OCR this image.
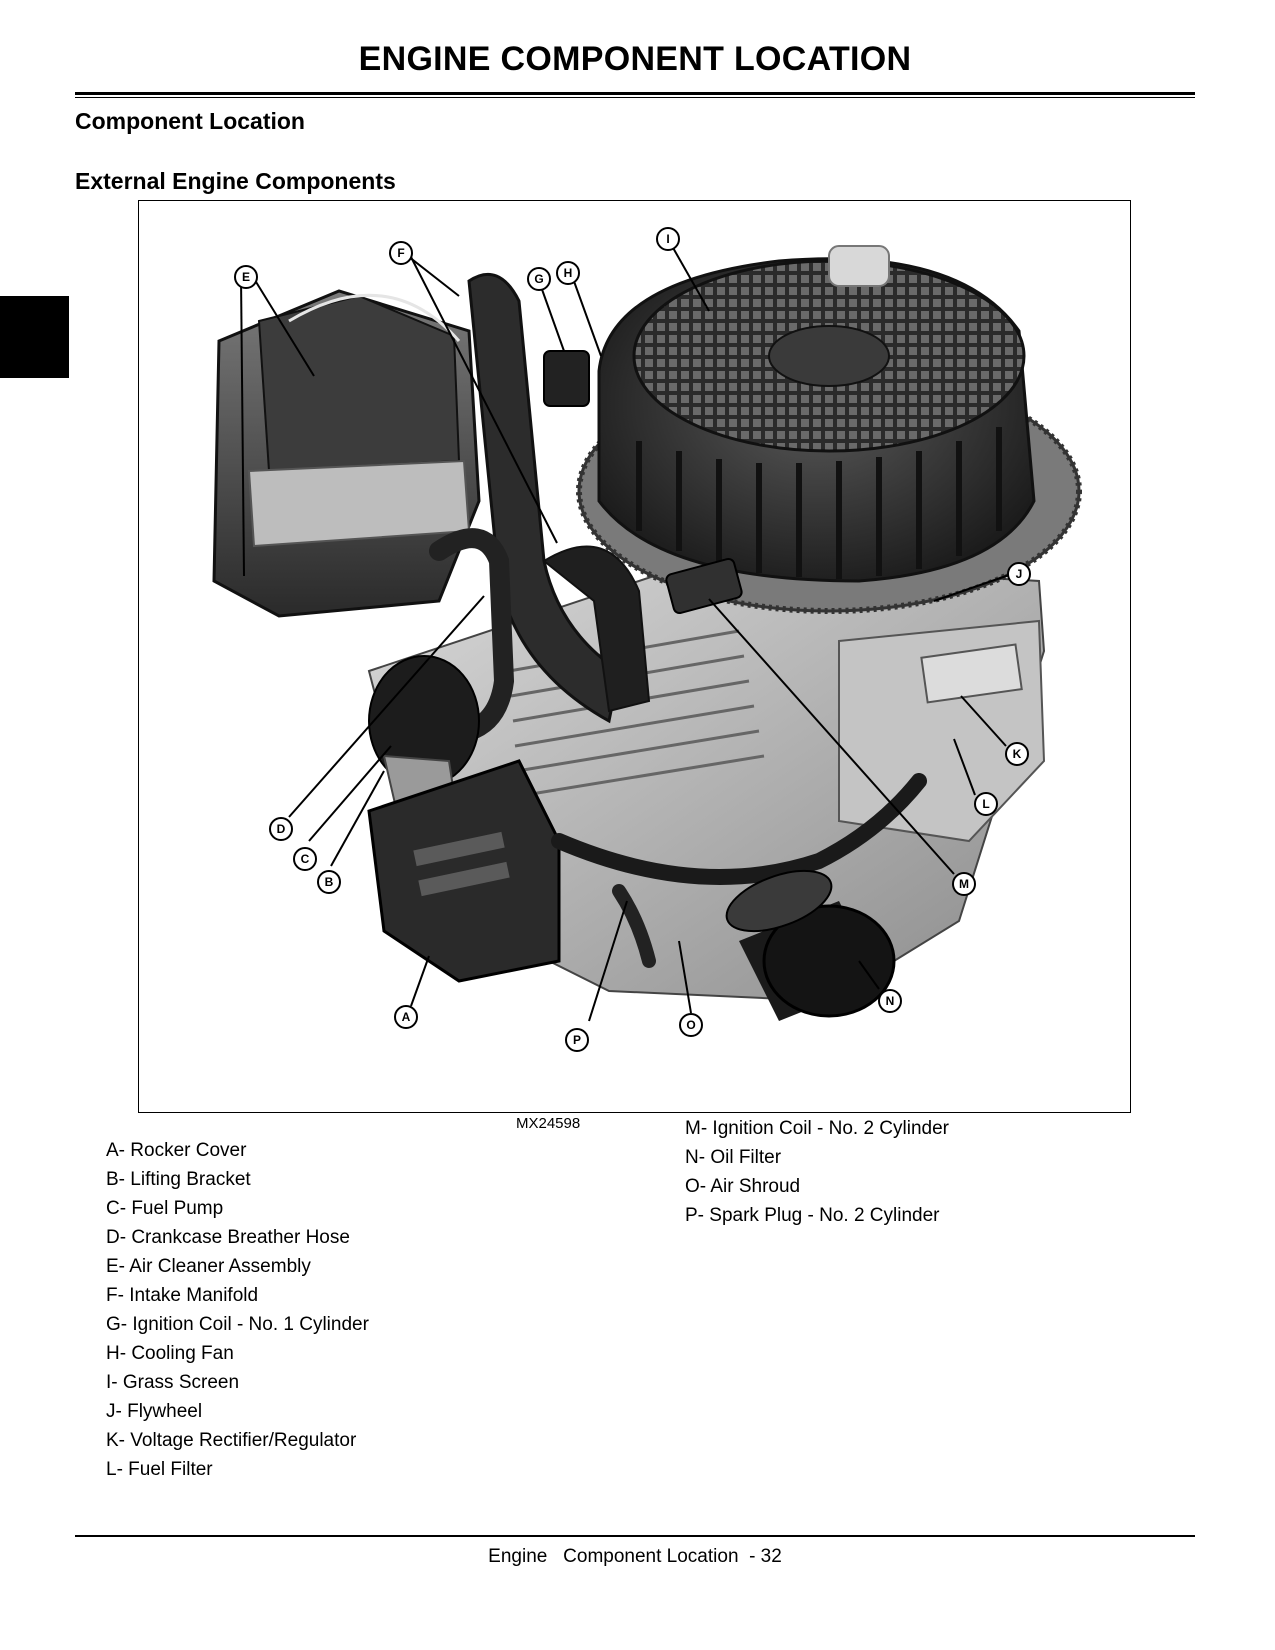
ENGINE COMPONENT LOCATION
Component Location
External Engine Components
A
B
C
D
E
F
G H
I
J
K
L
M
N
O
P
MX24598
A- Rocker Cover
B- Lifting Bracket
C- Fuel Pump
D- Crankcase Breather Hose
E- Air Cleaner Assembly
F- Intake Manifold
G- Ignition Coil - No. 1 Cylinder
H- Cooling Fan
I- Grass Screen
J- Flywheel
K- Voltage Rectifier/Regulator
L- Fuel Filter
M- Ignition Coil - No. 2 Cylinder
N- Oil Filter
O- Air Shroud
P- Spark Plug - No. 2 Cylinder
Engine   Component Location  - 32
